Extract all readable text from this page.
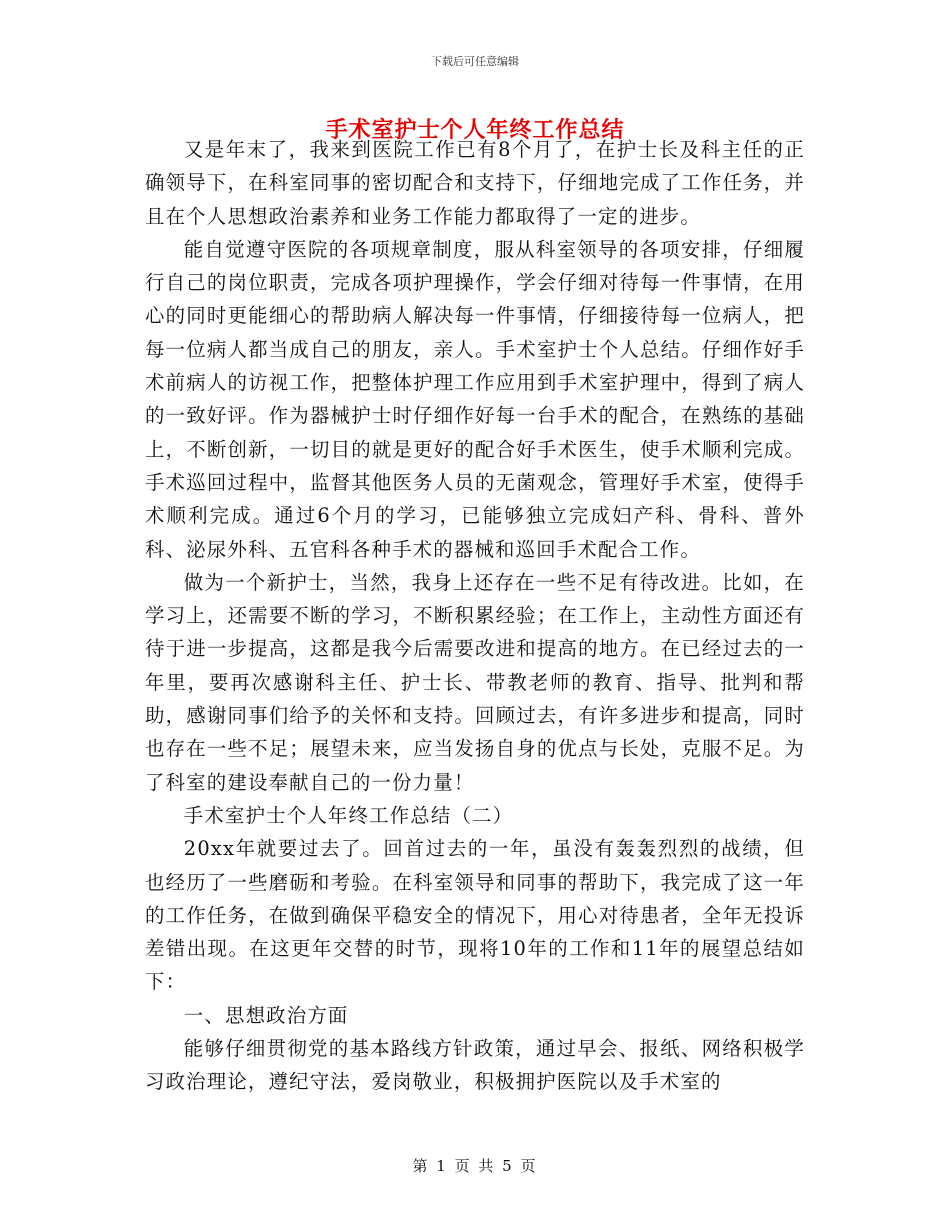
下载后可任意编辑
手术室护士个人年终工作总结

又是年末了，我来到医院工作已有8个月了，在护士长及科主任的正确领导下，在科室同事的密切配合和支持下，仔细地完成了工作任务，并且在个人思想政治素养和业务工作能力都取得了一定的进步。

能自觉遵守医院的各项规章制度，服从科室领导的各项安排，仔细履行自己的岗位职责，完成各项护理操作，学会仔细对待每一件事情，在用心的同时更能细心的帮助病人解决每一件事情，仔细接待每一位病人，把每一位病人都当成自己的朋友，亲人。手术室护士个人总结。仔细作好手术前病人的访视工作，把整体护理工作应用到手术室护理中，得到了病人的一致好评。作为器械护士时仔细作好每一台手术的配合，在熟练的基础上，不断创新，一切目的就是更好的配合好手术医生，使手术顺利完成。手术巡回过程中，监督其他医务人员的无菌观念，管理好手术室，使得手术顺利完成。通过6个月的学习，已能够独立完成妇产科、骨科、普外科、泌尿外科、五官科各种手术的器械和巡回手术配合工作。

做为一个新护士，当然，我身上还存在一些不足有待改进。比如，在学习上，还需要不断的学习，不断积累经验；在工作上，主动性方面还有待于进一步提高，这都是我今后需要改进和提高的地方。在已经过去的一年里，要再次感谢科主任、护士长、带教老师的教育、指导、批判和帮助，感谢同事们给予的关怀和支持。回顾过去，有许多进步和提高，同时也存在一些不足；展望未来，应当发扬自身的优点与长处，克服不足。为了科室的建设奉献自己的一份力量！

手术室护士个人年终工作总结（二）

20xx年就要过去了。回首过去的一年，虽没有轰轰烈烈的战绩，但也经历了一些磨砺和考验。在科室领导和同事的帮助下，我完成了这一年的工作任务，在做到确保平稳安全的情况下，用心对待患者，全年无投诉差错出现。在这更年交替的时节，现将10年的工作和11年的展望总结如下：

一、思想政治方面

能够仔细贯彻党的基本路线方针政策，通过早会、报纸、网络积极学习政治理论，遵纪守法，爱岗敬业，积极拥护医院以及手术室的

第 1 页 共 5 页
